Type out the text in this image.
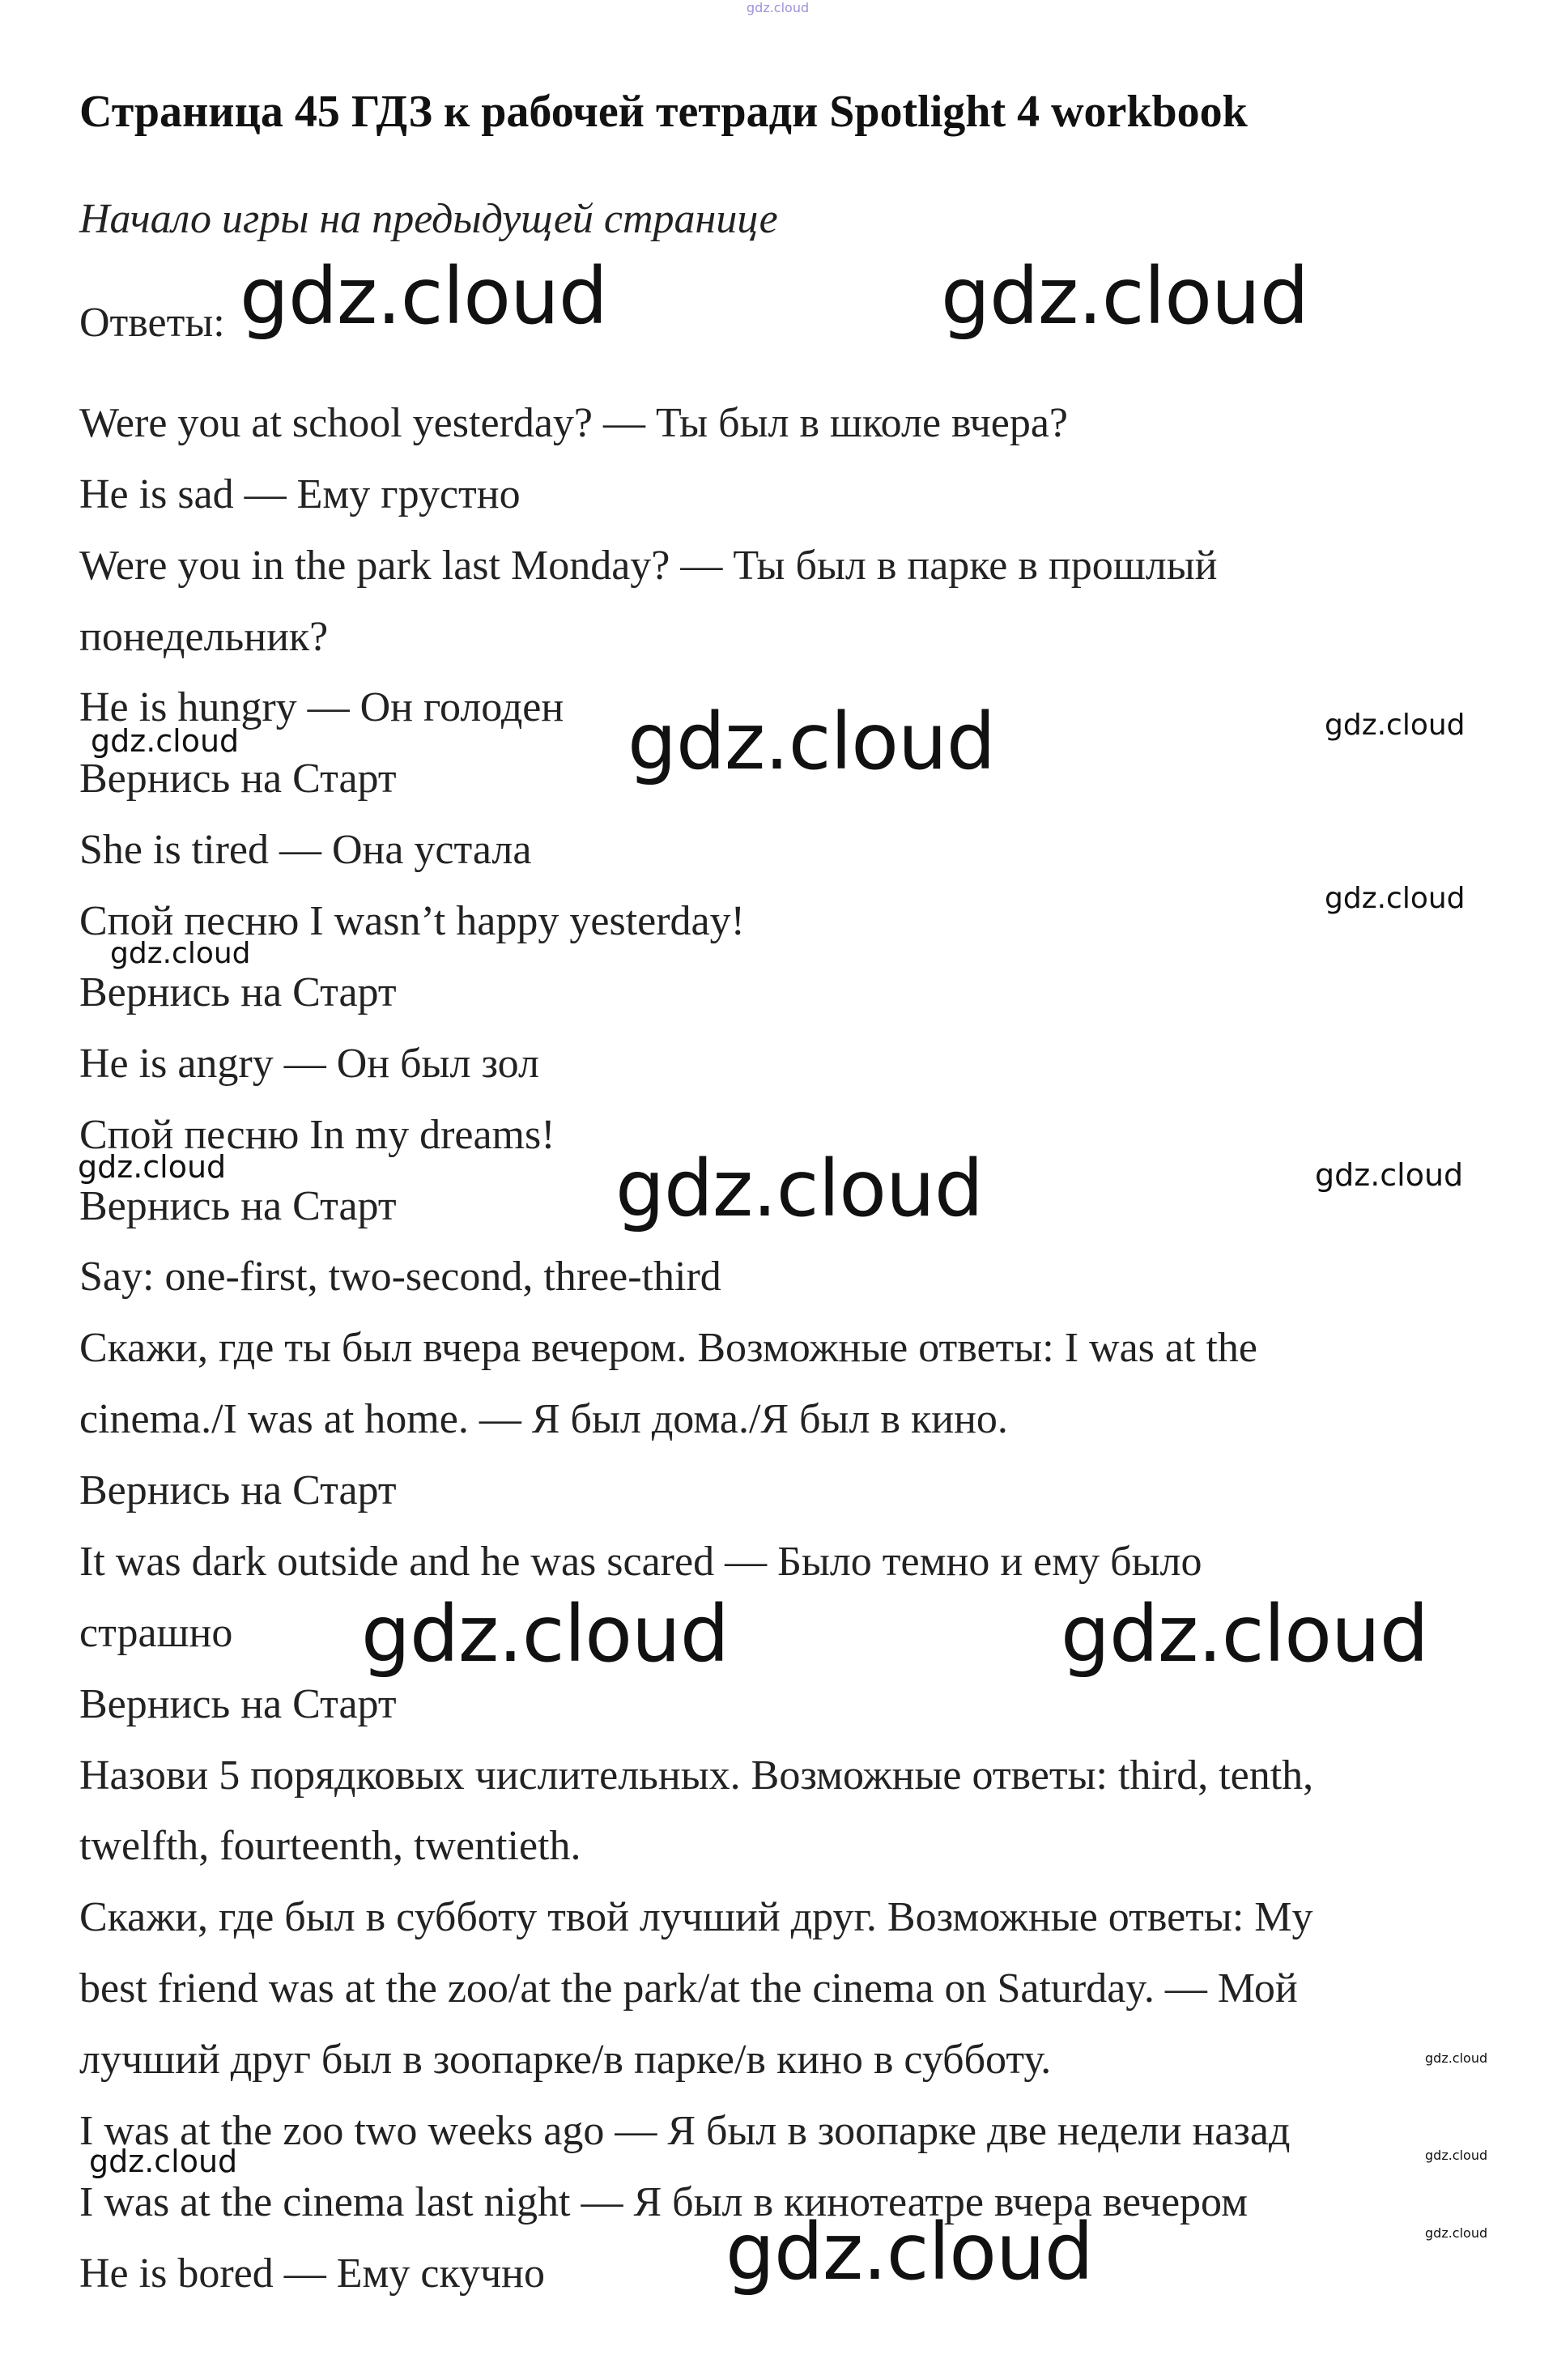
gdz.cloud
Страница 45 ГДЗ к рабочей тетради Spotlight 4 workbook
Начало игры на предыдущей странице
Ответы:
Were you at school yesterday? — Ты был в школе вчера?
He is sad — Ему грустно
Were you in the park last Monday? — Ты был в парке в прошлый
понедельник?
He is hungry — Он голоден
Вернись на Старт
She is tired — Она устала
Спой песню I wasn’t happy yesterday!
Вернись на Старт
He is angry — Он был зол
Спой песню In my dreams!
Вернись на Старт
Say: one-first, two-second, three-third
Скажи, где ты был вчера вечером. Возможные ответы: I was at the
cinema./I was at home. — Я был дома./Я был в кино.
Вернись на Старт
It was dark outside and he was scared — Было темно и ему было
страшно
Вернись на Старт
Назови 5 порядковых числительных. Возможные ответы: third, tenth,
twelfth, fourteenth, twentieth.
Скажи, где был в субботу твой лучший друг. Возможные ответы: My
best friend was at the zoo/at the park/at the cinema on Saturday. — Мой
лучший друг был в зоопарке/в парке/в кино в субботу.
I was at the zoo two weeks ago — Я был в зоопарке две недели назад
I was at the cinema last night — Я был в кинотеатре вчера вечером
He is bored — Ему скучно
gdz.cloud	gdz.cloud
gdz.cloud
gdz.cloud	gdz.cloud
gdz.cloud
gdz.cloud
gdz.cloud
gdz.cloud	gdz.cloud
gdz.cloud	gdz.cloud
gdz.cloud
gdz.cloud	gdz.cloud
gdz.cloud	gdz.cloud
